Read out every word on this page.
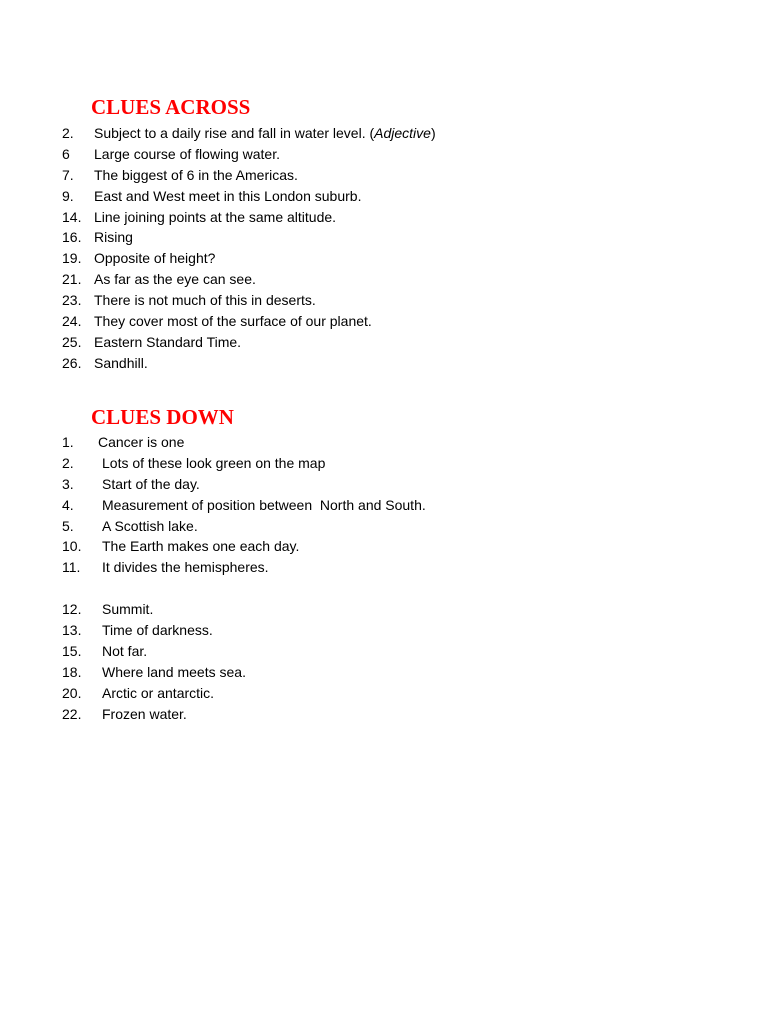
CLUES ACROSS
2. Subject to a daily rise and fall in water level. (Adjective)
6 Large course of flowing water.
7. The biggest of 6 in the Americas.
9. East and West meet in this London suburb.
14. Line joining points at the same altitude.
16. Rising
19. Opposite of height?
21. As far as the eye can see.
23. There is not much of this in deserts.
24. They cover most of the surface of our planet.
25. Eastern Standard Time.
26. Sandhill.
CLUES DOWN
1. Cancer is one
2. Lots of these look green on the map
3. Start of the day.
4. Measurement of position between  North and South.
5. A Scottish lake.
10. The Earth makes one each day.
11. It divides the hemispheres.
12. Summit.
13. Time of darkness.
15. Not far.
18. Where land meets sea.
20. Arctic or antarctic.
22. Frozen water.
